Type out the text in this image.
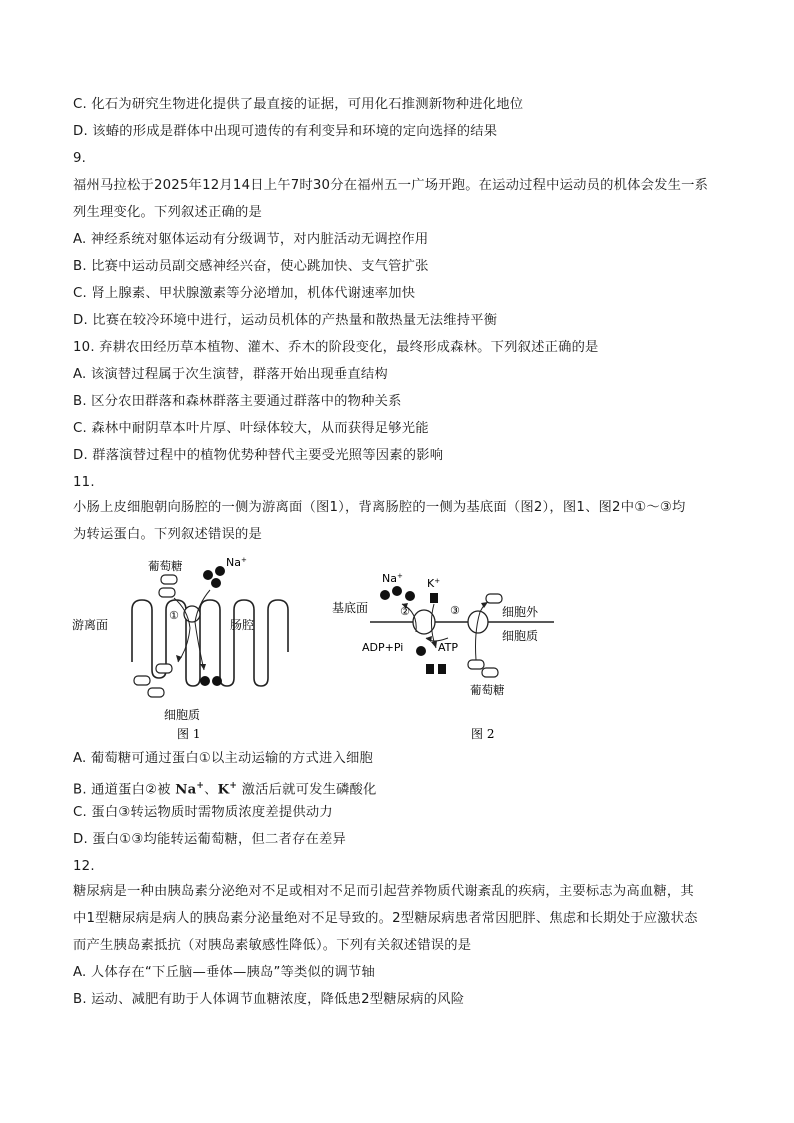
C. 化石为研究生物进化提供了最直接的证据，可用化石推测新物种进化地位
D. 该蝽的形成是群体中出现可遗传的有利变异和环境的定向选择的结果
9.
福州马拉松于2025年12月14日上午7时30分在福州五一广场开跑。在运动过程中运动员的机体会发生一系
列生理变化。下列叙述正确的是
A. 神经系统对躯体运动有分级调节，对内脏活动无调控作用
B. 比赛中运动员副交感神经兴奋，使心跳加快、支气管扩张
C. 肾上腺素、甲状腺激素等分泌增加，机体代谢速率加快
D. 比赛在较冷环境中进行，运动员机体的产热量和散热量无法维持平衡
10. 弃耕农田经历草本植物、灌木、乔木的阶段变化，最终形成森林。下列叙述正确的是
A. 该演替过程属于次生演替，群落开始出现垂直结构
B. 区分农田群落和森林群落主要通过群落中的物种关系
C. 森林中耐阴草本叶片厚、叶绿体较大，从而获得足够光能
D. 群落演替过程中的植物优势种替代主要受光照等因素的影响
11.
小肠上皮细胞朝向肠腔的一侧为游离面（图1），背离肠腔的一侧为基底面（图2），图1、图2中①～③均
为转运蛋白。下列叙述错误的是
葡萄糖	Na+
①
肠腔
游离面
细胞质
图 1
Na+
K+
基底面	②	③	细胞外
细胞质
ADP+Pi	ATP
葡萄糖
图 2
A. 葡萄糖可通过蛋白①以主动运输的方式进入细胞
B. 通道蛋白②被 Na+、K+ 激活后就可发生磷酸化
C. 蛋白③转运物质时需物质浓度差提供动力
D. 蛋白①③均能转运葡萄糖，但二者存在差异
12.
糖尿病是一种由胰岛素分泌绝对不足或相对不足而引起营养物质代谢紊乱的疾病，主要标志为高血糖，其
中1型糖尿病是病人的胰岛素分泌量绝对不足导致的。2型糖尿病患者常因肥胖、焦虑和长期处于应激状态
而产生胰岛素抵抗（对胰岛素敏感性降低）。下列有关叙述错误的是
A. 人体存在“下丘脑—垂体—胰岛”等类似的调节轴
B. 运动、减肥有助于人体调节血糖浓度，降低患2型糖尿病的风险
